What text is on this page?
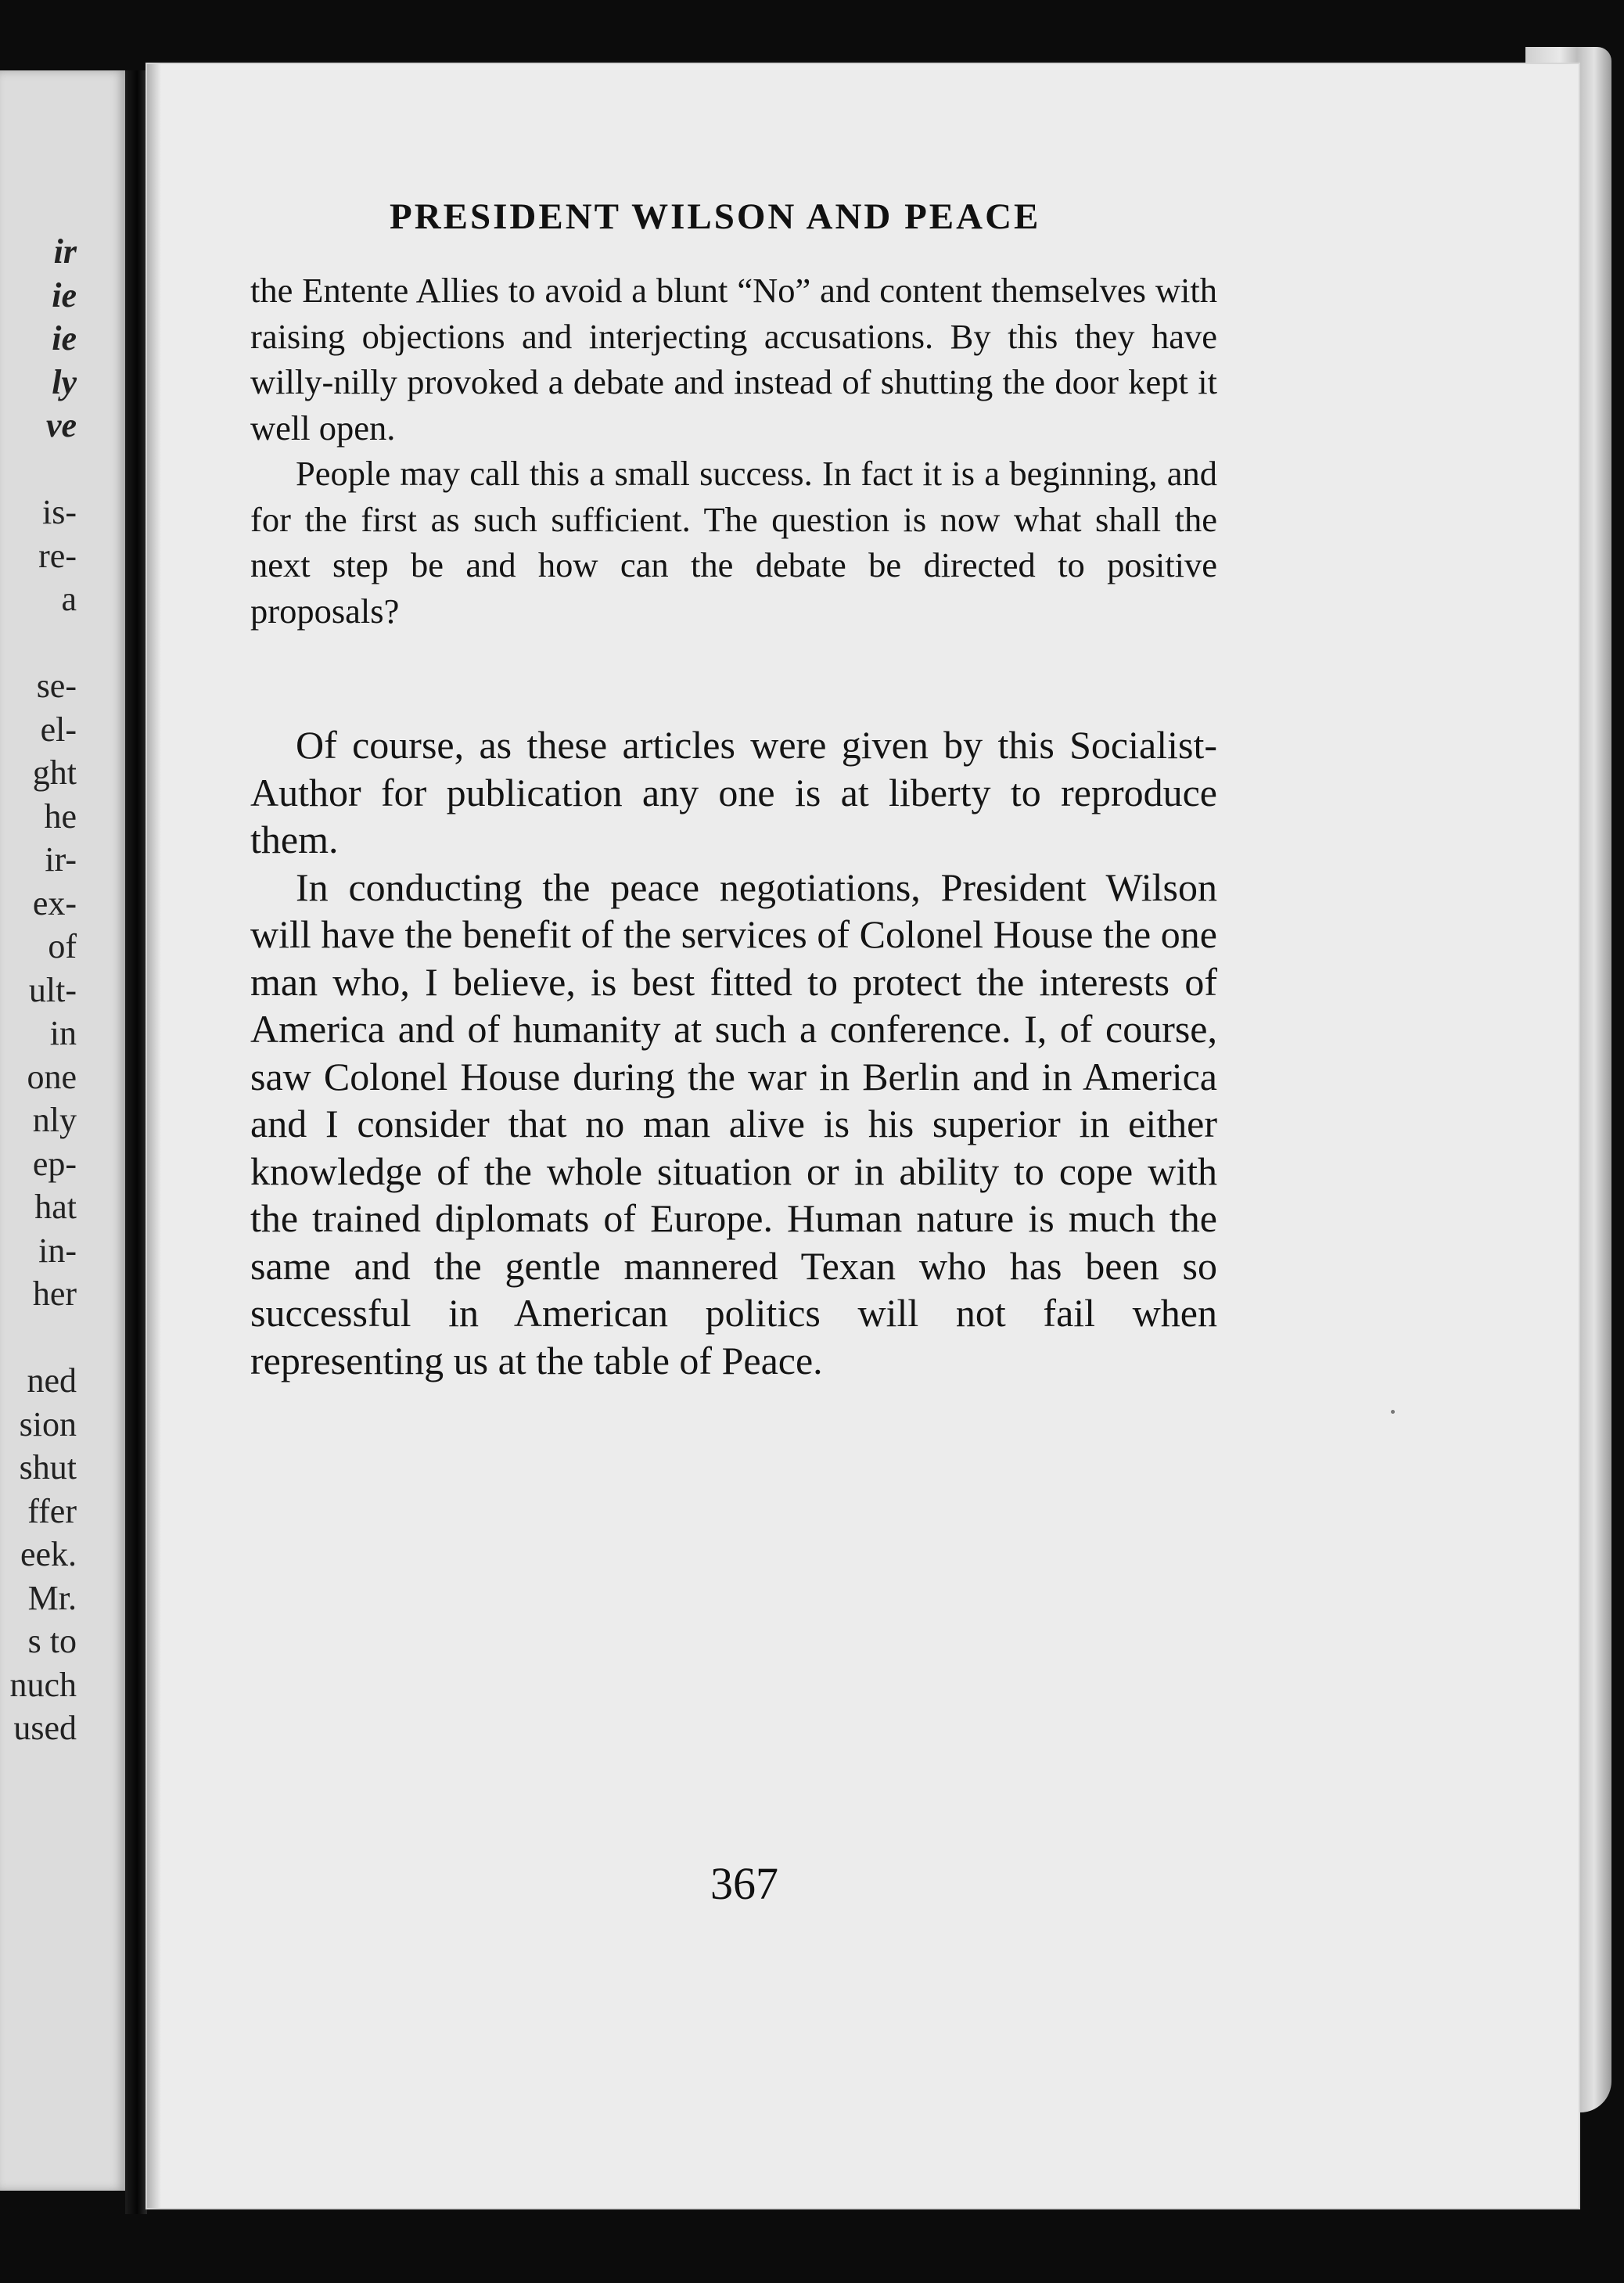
ir
ie
ie
ly
ve
is-
re-
a
se-
el-
ght
he
ir-
ex-
of
ult-
in
one
nly
ep-
hat
in-
her
ned
sion
shut
ffer
eek.
Mr.
s to
nuch
used
PRESIDENT WILSON AND PEACE

the Entente Allies to avoid a blunt “No” and content themselves with raising objections and interjecting accusations. By this they have willy-nilly provoked a debate and instead of shutting the door kept it well open.

People may call this a small success. In fact it is a beginning, and for the first as such sufficient. The question is now what shall the next step be and how can the debate be directed to positive proposals?

Of course, as these articles were given by this Socialist-Author for publication any one is at liberty to reproduce them.

In conducting the peace negotiations, President Wilson will have the benefit of the services of Colonel House the one man who, I believe, is best fitted to protect the interests of America and of humanity at such a conference. I, of course, saw Colonel House during the war in Berlin and in America and I consider that no man alive is his superior in either knowledge of the whole situation or in ability to cope with the trained diplomats of Europe. Human nature is much the same and the gentle mannered Texan who has been so successful in American politics will not fail when representing us at the table of Peace.

367
